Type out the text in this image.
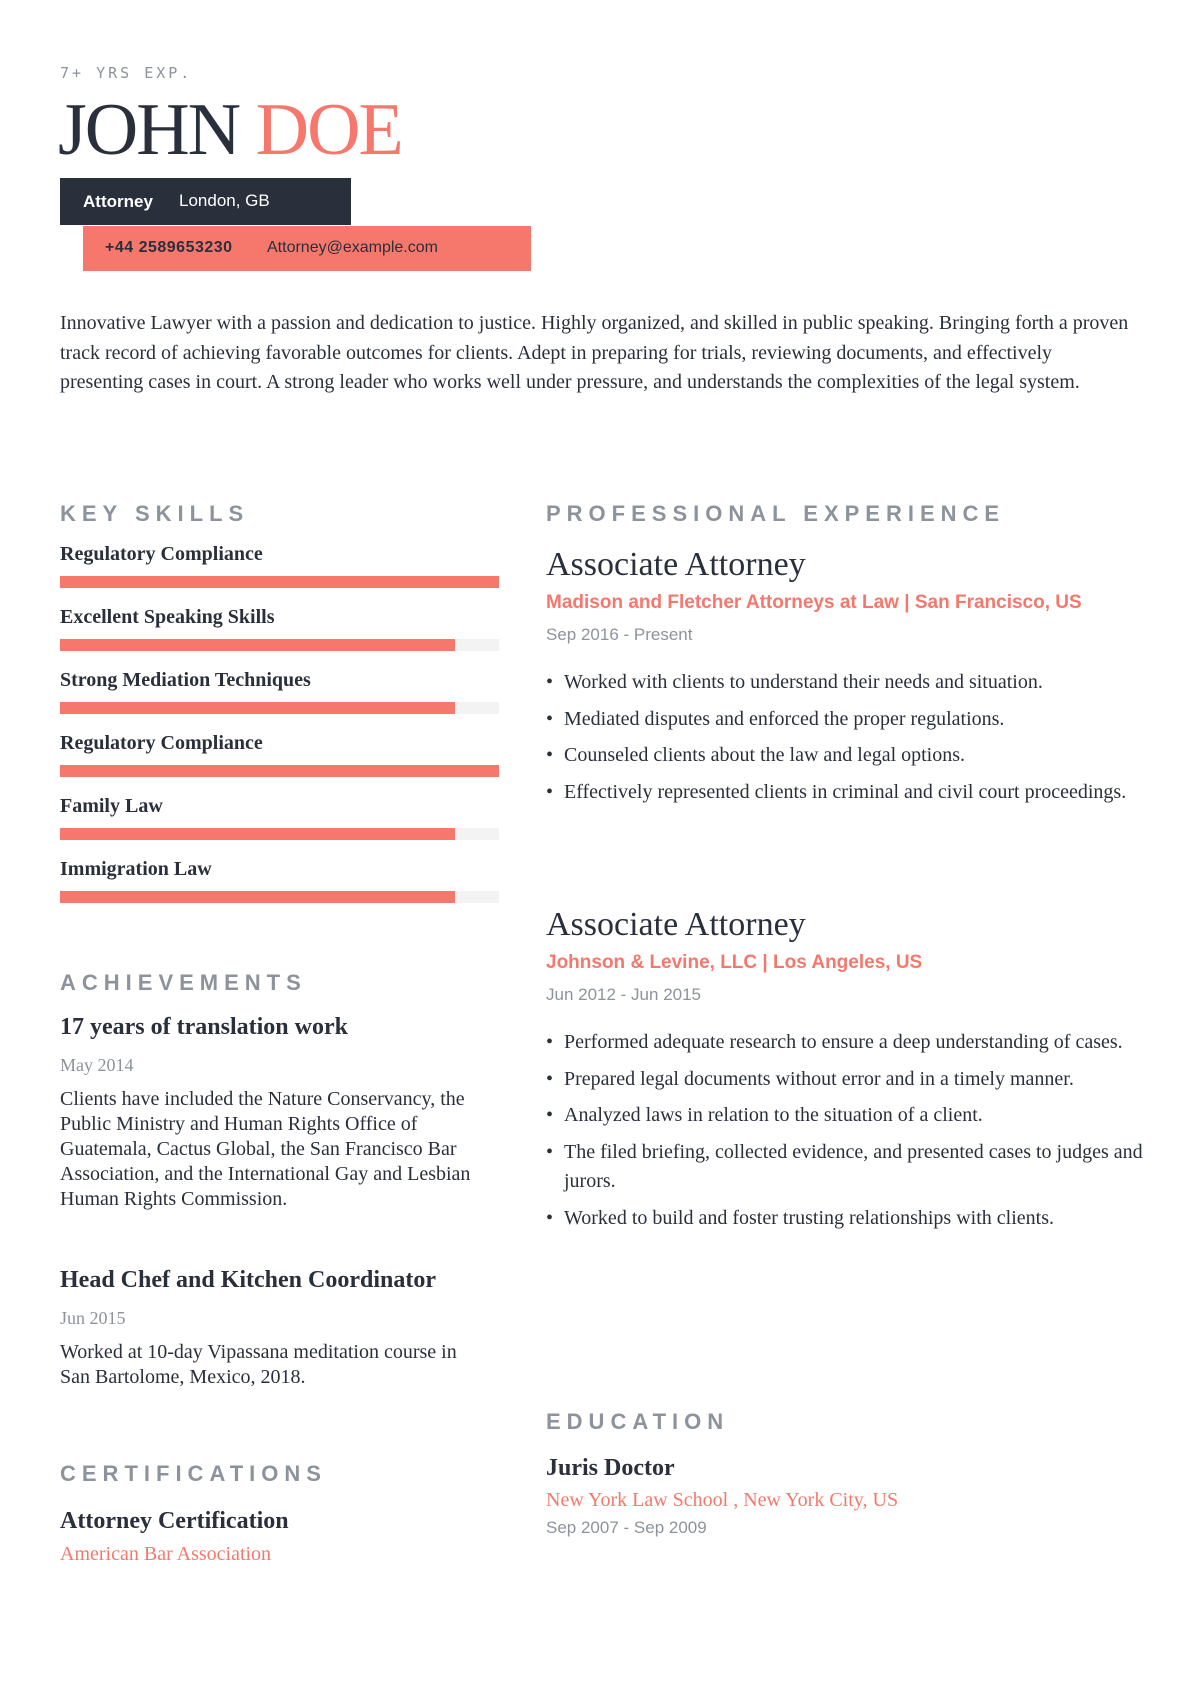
7+ YRS EXP.
JOHN DOE
Attorney London, GB
+44 2589653230 Attorney@example.com
Innovative Lawyer with a passion and dedication to justice. Highly organized, and skilled in public speaking. Bringing forth a proven track record of achieving favorable outcomes for clients. Adept in preparing for trials, reviewing documents, and effectively presenting cases in court. A strong leader who works well under pressure, and understands the complexities of the legal system.
KEY SKILLS
Regulatory Compliance
Excellent Speaking Skills
Strong Mediation Techniques
Regulatory Compliance
Family Law
Immigration Law
ACHIEVEMENTS
17 years of translation work
May 2014
Clients have included the Nature Conservancy, the Public Ministry and Human Rights Office of Guatemala, Cactus Global, the San Francisco Bar Association, and the International Gay and Lesbian Human Rights Commission.
Head Chef and Kitchen Coordinator
Jun 2015
Worked at 10-day Vipassana meditation course in San Bartolome, Mexico, 2018.
CERTIFICATIONS
Attorney Certification
American Bar Association
PROFESSIONAL EXPERIENCE
Associate Attorney
Madison and Fletcher Attorneys at Law | San Francisco, US
Sep 2016 - Present
• Worked with clients to understand their needs and situation.
• Mediated disputes and enforced the proper regulations.
• Counseled clients about the law and legal options.
• Effectively represented clients in criminal and civil court proceedings.
Associate Attorney
Johnson & Levine, LLC | Los Angeles, US
Jun 2012 - Jun 2015
• Performed adequate research to ensure a deep understanding of cases.
• Prepared legal documents without error and in a timely manner.
• Analyzed laws in relation to the situation of a client.
• The filed briefing, collected evidence, and presented cases to judges and jurors.
• Worked to build and foster trusting relationships with clients.
EDUCATION
Juris Doctor
New York Law School , New York City, US
Sep 2007 - Sep 2009
